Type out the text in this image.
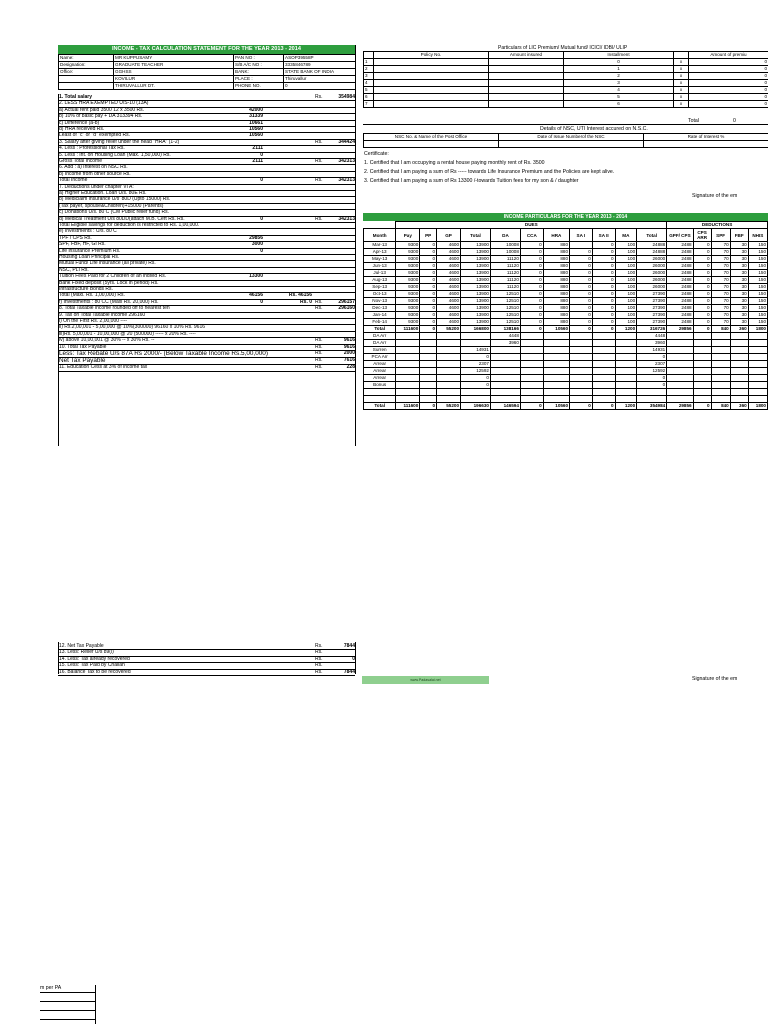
INCOME - TAX CALCULATION STATEMENT FOR THE YEAR 2013 - 2014
Name:	MR KUPPUSAMY	PAN NO :	ASOP39558P
Designation:	GRADUATE TEACHER	S/B A/C NO :	3335846789
Office:	GGHSS	BANK:	STATE BANK OF INDIA
	KOVILUR	PLACE :	Thiruvallur
	THIRUVALLUR DT.	PHONE NO.	0
1. Total salary	Rs.	354984
2. LESS HRA EXEMPTED U/S-10 (13A)
a) Actual rent paid 3500 12 x 3500 Rs.	42000
b) 10% of basic pay + DA 313394 Rs.	31339
c) Difference (a-b)	10661
d) HRA received Rs.	10560
Least of "c" or "d" exempted Rs.	10560
3. Salary after giving relief under the head "HRA" (1-2)	Rs.	344424
4. Less : Professional Tax Rs.	2111
5. Less : Int. on Housing Loan (Max. 1,50,000) Rs.	0
Gross Total Income	2111	Rs.	342313
6. Add : a) Interest on NSC Rs.
b) Income from other source Rs.
Total Income	0	Rs.	342313
7. Deductions under chapter VI A:
a) Higher Education. Loan U/s. 80E Rs.
b) Mediclaim insurance U/s' 80D (Upto 15000) Rs.
(Tax payer, spouse&Children)+15000 (Parents)
c) Donations U/s. 80 C (CM Public relief fund) Rs.
d) Medical Treatment U/s 80DD(attach M.B. Cert Rs. Rs.	0	Rs.	342313
Total Eligible savings for deduction is restricted to Rs. 1,00,000.
e) Investments : U/s. 80 C
TPF / CPS Rs.	29856
SPF, FBF, HF, GI Rs.	3000
Life insurance Premium Rs.	0
Housing Loan Principal Rs.
Mutual Fund/ Life insurance (all private) Rs.
NSC, PLI Rs.
Tuition Fees Paid for 2 Children of an individ Rs.	13300
Bank Fixed deposit (5yrs. Lock in period) Rs.
Infrastructure Bonds Rs.
Total (Maxi. Rs. 1,00,000) Rs.	46156	Rs. 46156
f) Investments : 80 CC (Maxi Rs. 20,000) Rs.	0	Rs. 0 Rs.	296157
8. Total Taxable income rounded off to nearest ten	Rs.	296160
9. Tax on Total Taxable income 296160
i) On the First Rs. 2,00,000 ----
ii) Rs.2,00,001 - 5,00,000 @ 10%(300000) 96160 x 10% Rs. 9616
iii)Rs. 5,00,001 - 10,00,000 @ 20 (500000) ----- x 20% Rs. ----
iv) above 10,00,001 @ 30% -- x 30% Rs. --	Rs.	9616
10. Total Tax Payable	Rs.	9616
Less: Tax Rebate U/s 87A Rs 2000/- (Below Taxable Income Rs.5,00,000)	Rs.	2000
Net Tax Payable	Rs.	7616
11. Education Cess at 3% of income tax	Rs.	228
12. Net Tax Payable	Rs.	7844
13. Less: Relief U/s 89(i)	Rs.
14. Less: Tax already recovered	Rs.	0
15. Less: Tax Paid by Challan	Rs.
16. Balance Tax to be recovered	Rs.	7844
Particulars of LIC Premium/ Mutual fund/ ICICI/ IDBI/ ULIP
	Policy No.	Amount insured	Installment		Amount of premiu
1			0	x	0
2			1	x	0
3			2	x	0
4			3	x	0
5			4	x	0
6			5	x	0
7			6	x	0
Total	0
Details of NSC, UTI Interest accured on N.S.C.
NSC No. & Name of the Post Office	Date of Issue Numberof the NSC	Rate of Interest %

Certificate:
1. Certified that I am occupying a rental house paying monthly rent of Rs. 3500
2. Certified that I am paying a sum of Rs ----- towards Life Insurance Premium and the Policies are kept alive.
3. Certified that I am paying a sum of Rs 13300 /-towards Tuition fees for my son & / daughter
Signature of the em
INCOME PARTICULARS FOR THE YEAR 2013 - 2014
	DUES											DEDUCTIONS				
Month	Pay	PP	GP	Total	DA	CCA	HRA	SA I	SA II	MA	Total	GPF/ CPS	CPS ARR	SPF	FBF	NHIS
Mar-13	9300	0	4600	13900	10008	0	880		0	100	24888	2488	0	70	30	150
Apr-13	9300	0	4600	13900	10008	0	880	0	0	100	24888	2488	0	70	30	150
May-13	9300	0	4600	13900	11120	0	880	0	0	100	26000	2488	0	70	30	150
Jun-13	9300	0	4600	13900	11120	0	880	0	0	100	26000	2488	0	70	30	150
Jul-13	9300	0	4600	13900	11120	0	880	0	0	100	26000	2488	0	70	30	150
Aug-13	9300	0	4600	13900	11120	0	880	0	0	100	26000	2488	0	70	30	150
Sep-13	9300	0	4600	13900	11120	0	880	0	0	100	26000	2488	0	70	30	150
Oct-13	9300	0	4600	13900	12510	0	880	0	0	100	27390	2488	0	70	30	150
Nov-13	9300	0	4600	13900	12510	0	880	0	0	100	27390	2488	0	70	30	150
Dec-13	9300	0	4600	13900	12510	0	880	0	0	100	27390	2488	0	70	30	150
Jan-14	9300	0	4600	13900	12510	0	880	0	0	100	27390	2488	0	70	30	150
Feb-14	9300	0	4600	13900	12510	0	880	0	0	100	27390	2488	0	70	30	150
Total	111600	0	55200	166800	138166	0	10560	0	0	1200	316726	29856	0	840	360	1800
DA Arr					4448						4448					
DA Arr					3960						3960					
Surren				14931							14931					
PCA Arr				0							0					
Arrear				2307							2307					
Arrear				12592							12592					
Arrear				0							0					
Bonus				0							0					

Total	111600	0	55200	196630	146594	0	10560	0	0	1200	354984	29856	0	840	360	1800
www.Padasalai.net	Signature of the em
m per PA
